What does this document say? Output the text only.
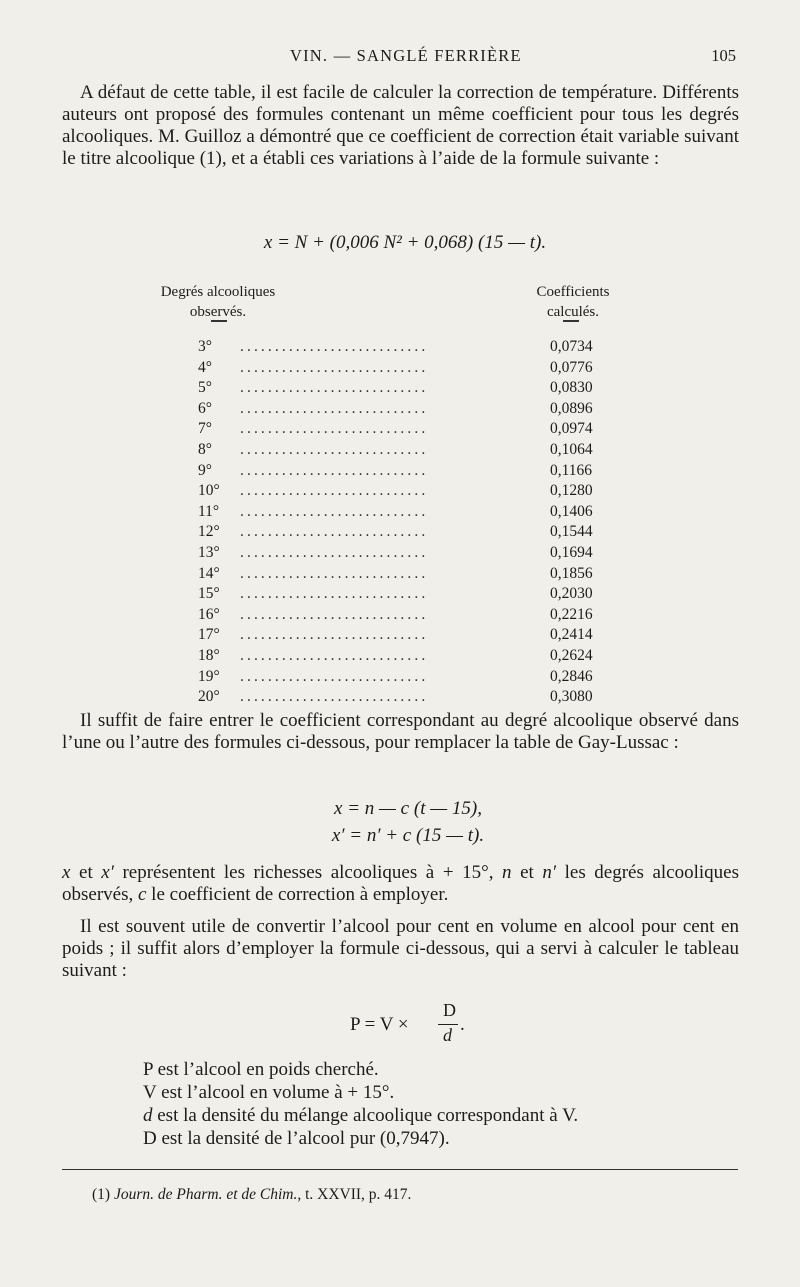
VIN. — SANGLÉ FERRIÈRE	105

A défaut de cette table, il est facile de calculer la correction de température. Différents auteurs ont proposé des formules contenant un même coefficient pour tous les degrés alcooliques. M. Guilloz a démontré que ce coefficient de correction était variable suivant le titre alcoolique (1), et a établi ces variations à l’aide de la formule suivante :

x = N + (0,006 N² + 0,068) (15 — t).
Degrés alcooliques
observés.
Coefficients
calculés.
3°	...........................	0,0734
4°	...........................	0,0776
5°	...........................	0,0830
6°	...........................	0,0896
7°	...........................	0,0974
8°	...........................	0,1064
9°	...........................	0,1166
10°	...........................	0,1280
11°	...........................	0,1406
12°	...........................	0,1544
13°	...........................	0,1694
14°	...........................	0,1856
15°	...........................	0,2030
16°	...........................	0,2216
17°	...........................	0,2414
18°	...........................	0,2624
19°	...........................	0,2846
20°	...........................	0,3080

Il suffit de faire entrer le coefficient correspondant au degré alcoolique observé dans l’une ou l’autre des formules ci-dessous, pour remplacer la table de Gay-Lussac :

x = n — c (t — 15),
x′ = n′ + c (15 — t).

x et x′ représentent les richesses alcooliques à + 15°, n et n′ les degrés alcooliques observés, c le coefficient de correction à employer.

Il est souvent utile de convertir l’alcool pour cent en volume en alcool pour cent en poids ; il suffit alors d’employer la formule ci-dessous, qui a servi à calculer le tableau suivant :

P = V ×
D
d .
P est l’alcool en poids cherché.
V est l’alcool en volume à + 15°.
d est la densité du mélange alcoolique correspondant à V.
D est la densité de l’alcool pur (0,7947).
(1) Journ. de Pharm. et de Chim., t. XXVII, p. 417.
